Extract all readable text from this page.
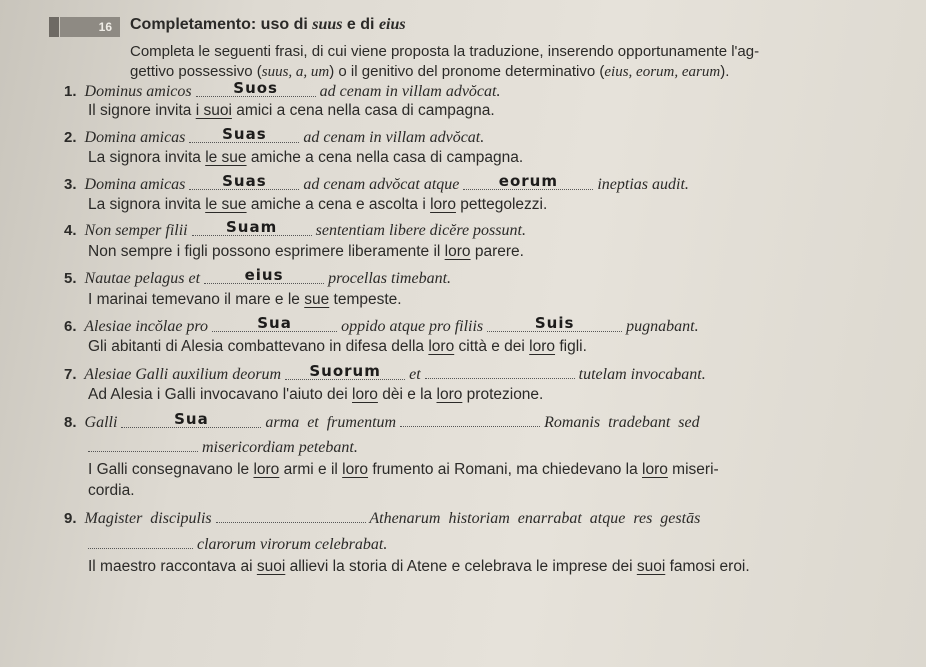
16	Completamento: uso di suus e di eius
Completa le seguenti frasi, di cui viene proposta la traduzione, inserendo opportunamente l'ag-
gettivo possessivo (suus, a, um) o il genitivo del pronome determinativo (eius, eorum, earum).
1. Dominus amicos	Suos	ad cenam in villam advŏcat.
Il signore invita i suoi amici a cena nella casa di campagna.
2. Domina amicas Suas ad cenam in villam advŏcat.
La signora invita le sue amiche a cena nella casa di campagna.
3. Domina amicas Suas ad cenam advŏcat atque	eorum ineptias audit.
La signora invita le sue amiche a cena e ascolta i loro pettegolezzi.
4. Non semper filii	Suam sententiam libere dicĕre possunt.
Non sempre i figli possono esprimere liberamente il loro parere.
5. Nautae pelagus et	eius	procellas timebant.
I marinai temevano il mare e le sue tempeste.
6. Alesiae incŏlae pro	Sua	oppido atque pro filiis	Suis	pugnabant.
Gli abitanti di Alesia combattevano in difesa della loro città e dei loro figli.
7. Alesiae Galli auxilium deorum Suorum et	tutelam invocabant.
Ad Alesia i Galli invocavano l'aiuto dei loro dèi e la loro protezione.
8. Galli	Sua	arma  et  frumentum	Romanis  tradebant  sed
misericordiam petebant.
I Galli consegnavano le loro armi e il loro frumento ai Romani, ma chiedevano la loro miseri-
cordia.
9. Magister  discipulis	Athenarum  historiam  enarrabat  atque  res  gestās
clarorum virorum celebrabat.
Il maestro raccontava ai suoi allievi la storia di Atene e celebrava le imprese dei suoi famosi eroi.
